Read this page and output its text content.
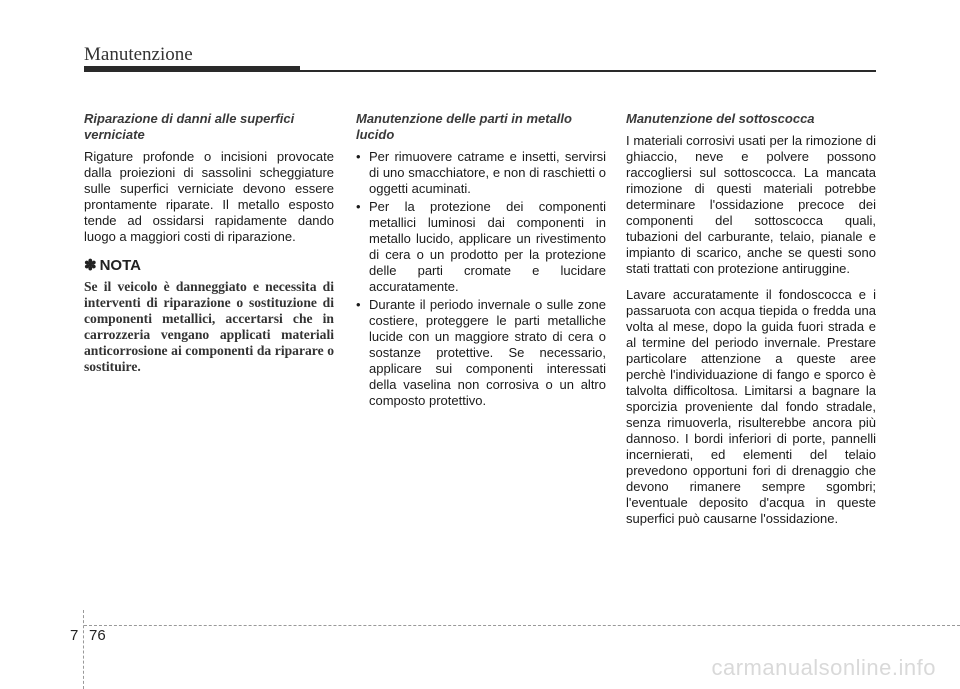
Manutenzione

Riparazione di danni alle superfici verniciate

Rigature profonde o incisioni provocate dalla proiezioni di sassolini scheggiature sulle superfici verniciate devono essere prontamente riparate. Il metallo esposto tende ad ossidarsi rapidamente dando luogo a maggiori costi di riparazione.

✽ NOTA

Se il veicolo è danneggiato e necessita di interventi di riparazione o sostituzione di componenti metallici, accertarsi che in carrozzeria vengano applicati materiali anticorrosione ai componenti da riparare o sostituire.

Manutenzione delle parti in metallo lucido

• Per rimuovere catrame e insetti, servirsi di uno smacchiatore, e non di raschietti o oggetti acuminati.
• Per la protezione dei componenti metallici luminosi dai componenti in metallo lucido, applicare un rivestimento di cera o un prodotto per la protezione delle parti cromate e lucidare accuratamente.
• Durante il periodo invernale o sulle zone costiere, proteggere le parti metalliche lucide con un maggiore strato di cera o sostanze protettive. Se necessario, applicare sui componenti interessati della vaselina non corrosiva o un altro composto protettivo.

Manutenzione del sottoscocca

I materiali corrosivi usati per la rimozione di ghiaccio, neve e polvere possono raccogliersi sul sottoscocca. La mancata rimozione di questi materiali potrebbe determinare l'ossidazione precoce dei componenti del sottoscocca quali, tubazioni del carburante, telaio, pianale e impianto di scarico, anche se questi sono stati trattati con protezione antiruggine.

Lavare accuratamente il fondoscocca e i passaruota con acqua tiepida o fredda una volta al mese, dopo la guida fuori strada e al termine del periodo invernale. Prestare particolare attenzione a queste aree perchè l'individuazione di fango e sporco è talvolta difficoltosa. Limitarsi a bagnare la sporcizia proveniente dal fondo stradale, senza rimuoverla, risulterebbe ancora più dannoso. I bordi inferiori di porte, pannelli incernierati, ed elementi del telaio prevedono opportuni fori di drenaggio che devono rimanere sempre sgombri; l'eventuale deposito d'acqua in queste superfici può causarne l'ossidazione.

7 76
carmanualsonline.info
